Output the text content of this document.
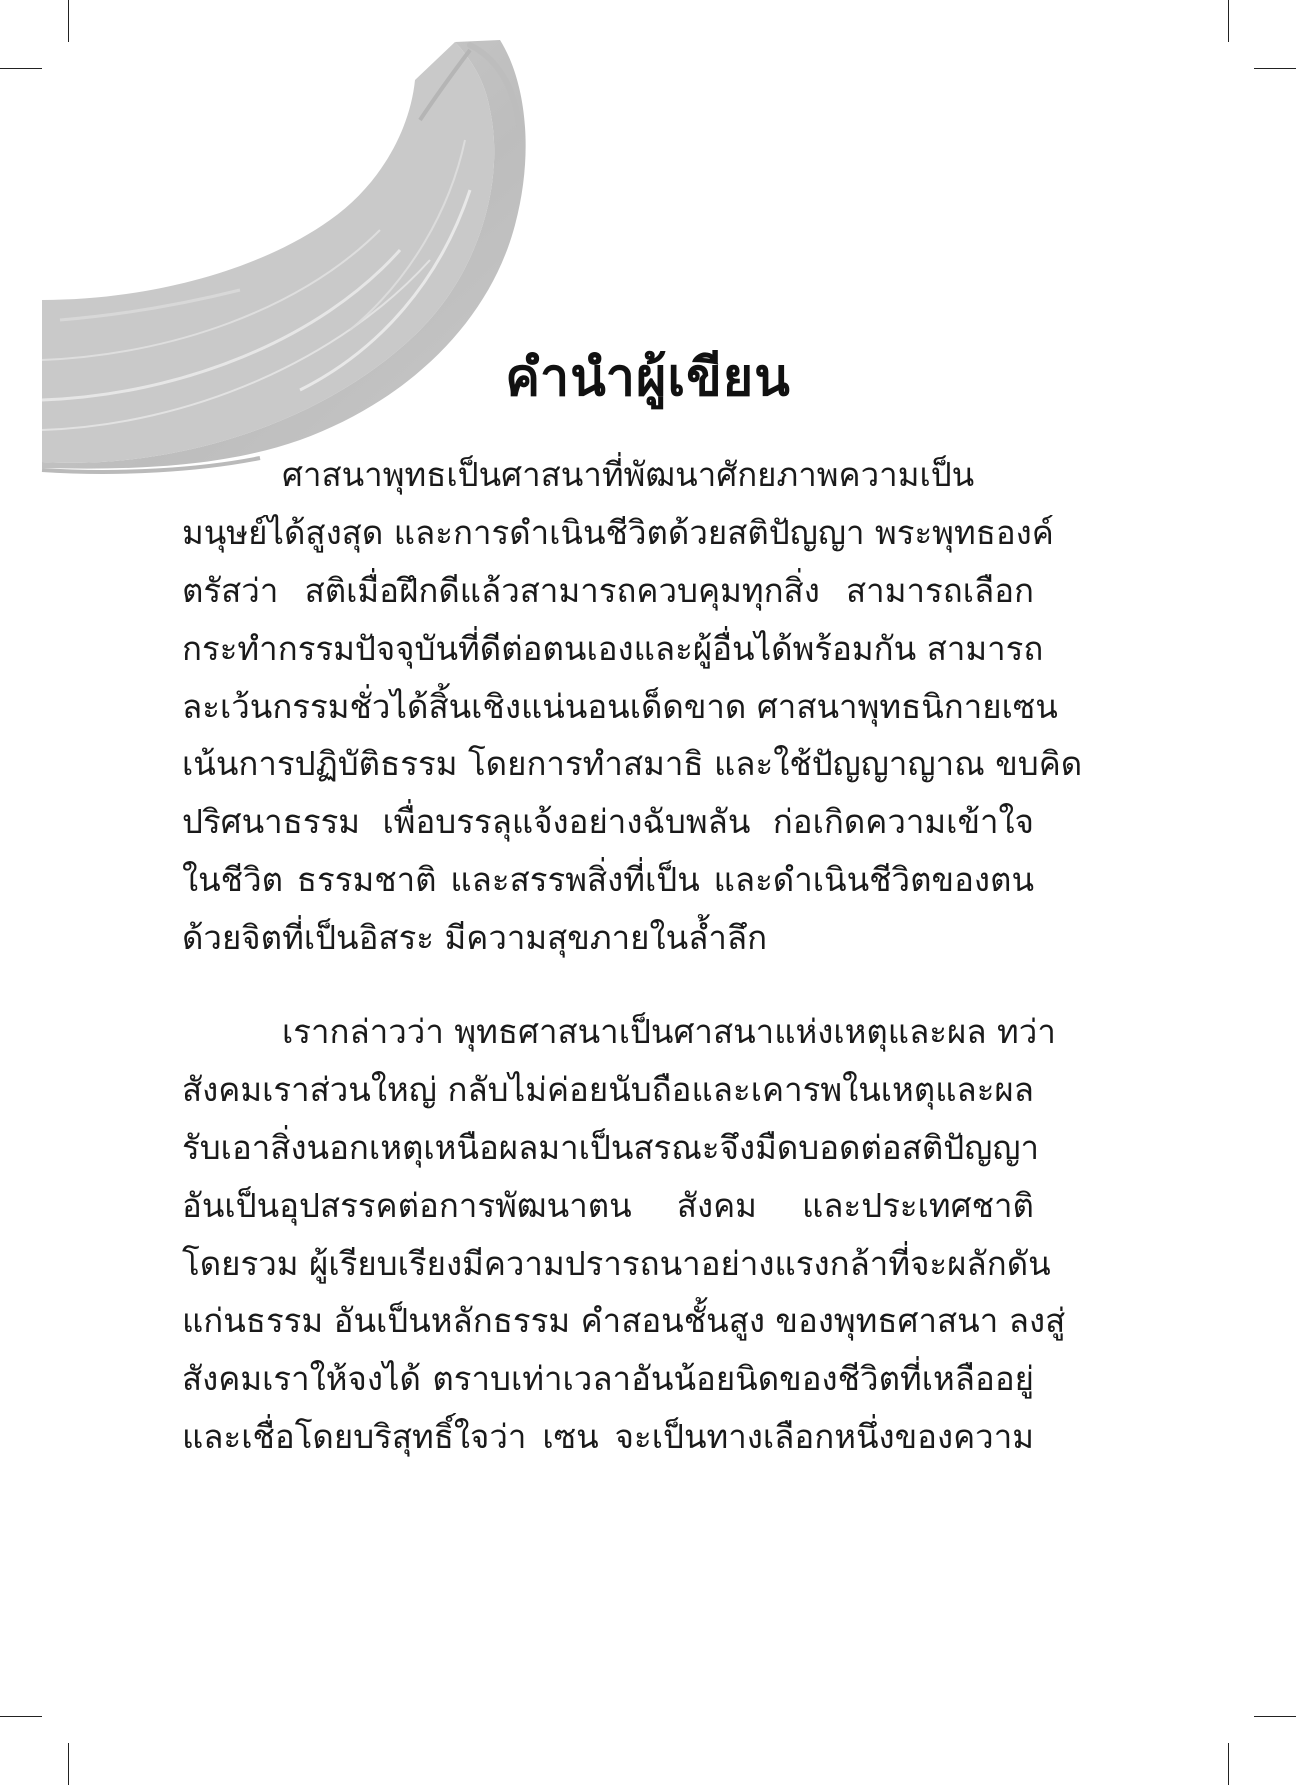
คำนำผู้เขียน

ศาสนาพุทธเป็นศาสนาที่พัฒนาศักยภาพความเป็น
มนุษย์ได้สูงสุด และการดำเนินชีวิตด้วยสติปัญญา พระพุทธองค์
ตรัสว่า สติเมื่อฝึกดีแล้วสามารถควบคุมทุกสิ่ง สามารถเลือก
กระทำกรรมปัจจุบันที่ดีต่อตนเองและผู้อื่นได้พร้อมกัน สามารถ
ละเว้นกรรมชั่วได้สิ้นเชิงแน่นอนเด็ดขาด ศาสนาพุทธนิกายเซน
เน้นการปฏิบัติธรรม โดยการทำสมาธิ และใช้ปัญญาญาณ ขบคิด
ปริศนาธรรม เพื่อบรรลุแจ้งอย่างฉับพลัน ก่อเกิดความเข้าใจ
ในชีวิต ธรรมชาติ และสรรพสิ่งที่เป็น และดำเนินชีวิตของตน
ด้วยจิตที่เป็นอิสระ มีความสุขภายในล้ำลึก

เรากล่าวว่า พุทธศาสนาเป็นศาสนาแห่งเหตุและผล ทว่า
สังคมเราส่วนใหญ่ กลับไม่ค่อยนับถือและเคารพในเหตุและผล
รับเอาสิ่งนอกเหตุเหนือผลมาเป็นสรณะจึงมืดบอดต่อสติปัญญา
อันเป็นอุปสรรคต่อการพัฒนาตน สังคม และประเทศชาติ
โดยรวม ผู้เรียบเรียงมีความปรารถนาอย่างแรงกล้าที่จะผลักดัน
แก่นธรรม อันเป็นหลักธรรม คำสอนชั้นสูง ของพุทธศาสนา ลงสู่
สังคมเราให้จงได้ ตราบเท่าเวลาอันน้อยนิดของชีวิตที่เหลืออยู่
และเชื่อโดยบริสุทธิ์ใจว่า เซน จะเป็นทางเลือกหนึ่งของความ
